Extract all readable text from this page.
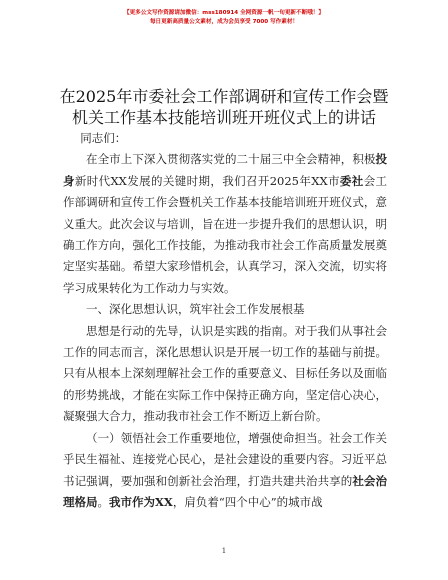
【更多公文写作资源请加微信：mss180914 全网资源一帆一旬更新不断哦！】
每日更新高质量公文素材，成为会员享受 7000 写作素材！
在2025年市委社会工作部调研和宣传工作会暨
机关工作基本技能培训班开班仪式上的讲话

同志们：

在全市上下深入贯彻落实党的二十届三中全会精神，积极投身新时代XX发展的关键时期，我们召开2025年XX市委社会工作部调研和宣传工作会暨机关工作基本技能培训班开班仪式，意义重大。此次会议与培训，旨在进一步提升我们的思想认识，明确工作方向，强化工作技能，为推动我市社会工作高质量发展奠定坚实基础。希望大家珍惜机会，认真学习，深入交流，切实将学习成果转化为工作动力与实效。

一、深化思想认识，筑牢社会工作发展根基

思想是行动的先导，认识是实践的指南。对于我们从事社会工作的同志而言，深化思想认识是开展一切工作的基础与前提。只有从根本上深刻理解社会工作的重要意义、目标任务以及面临的形势挑战，才能在实际工作中保持正确方向，坚定信心决心，凝聚强大合力，推动我市社会工作不断迈上新台阶。

（一）领悟社会工作重要地位，增强使命担当。社会工作关乎民生福祉、连接党心民心，是社会建设的重要内容。习近平总书记强调，要加强和创新社会治理，打造共建共治共享的社会治理格局。我市作为XX，肩负着“四个中心”的城市战

1
